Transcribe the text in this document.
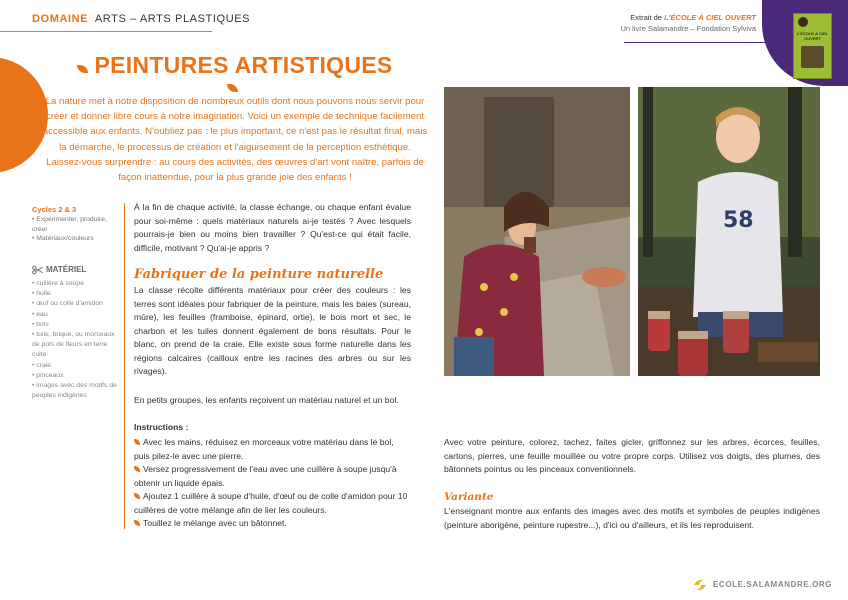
DOMAINE ARTS – ARTS PLASTIQUES
L'ÉCOLE À CIEL OUVERT
Extrait de L'ÉCOLE À CIEL OUVERT
Un livre Salamandre – Fondation Sylviva
PEINTURES ARTISTIQUES
La nature met à notre disposition de nombreux outils dont nous pouvons nous servir pour créer et donner libre cours à notre imagination. Voici un exemple de technique facilement accessible aux enfants. N'oubliez pas : le plus important, ce n'est pas le résultat final, mais la démarche, le processus de création et l'aiguisement de la perception esthétique. Laissez-vous surprendre : au cours des activités, des œuvres d'art vont naître, parfois de façon inattendue, pour la plus grande joie des enfants !
Cycles 2 & 3
• Expérimenter, produire, créer
• Matériaux/couleurs
MATÉRIEL
• cuillère à soupe
• huile
• œuf ou colle d'amidon
• eau
• bols
• tuile, brique, ou morceaux de pots de fleurs en terre cuite
• craie
• pinceaux
• images avec des motifs de peuples indigènes
À la fin de chaque activité, la classe échange, ou chaque enfant évalue pour soi-même : quels matériaux naturels ai-je testés ? Avec lesquels pourrais-je bien ou moins bien travailler ? Qu'est-ce qui était facile, difficile, motivant ? Qu'ai-je appris ?
Fabriquer de la peinture naturelle
La classe récolte différents matériaux pour créer des couleurs : les terres sont idéales pour fabriquer de la peinture, mais les baies (sureau, mûre), les feuilles (framboise, épinard, ortie), le bois mort et sec, le charbon et les tuiles donnent également de bons résultats. Pour le blanc, on prend de la craie. Elle existe sous forme naturelle dans les régions calcaires (cailloux entre les racines des arbres ou sur les rivages).
En petits groupes, les enfants reçoivent un matériau naturel et un bol.
Instructions :
Avec les mains, réduisez en morceaux votre matériau dans le bol, puis pilez-le avec une pierre.
Versez progressivement de l'eau avec une cuillère à soupe jusqu'à obtenir un liquide épais.
Ajoutez 1 cuillère à soupe d'huile, d'œuf ou de colle d'amidon pour 10 cuillères de votre mélange afin de lier les couleurs.
Touillez le mélange avec un bâtonnet.
58
Avec votre peinture, colorez, tachez, faites gicler, griffonnez sur les arbres, écorces, feuilles, cartons, pierres, une feuille mouillée ou votre propre corps. Utilisez vos doigts, des plumes, des bâtonnets pointus ou les pinceaux conventionnels.
Variante
L'enseignant montre aux enfants des images avec des motifs et symboles de peuples indigènes (peinture aborigène, peinture rupestre...), d'ici ou d'ailleurs, et ils les reproduisent.
ECOLE.SALAMANDRE.ORG
